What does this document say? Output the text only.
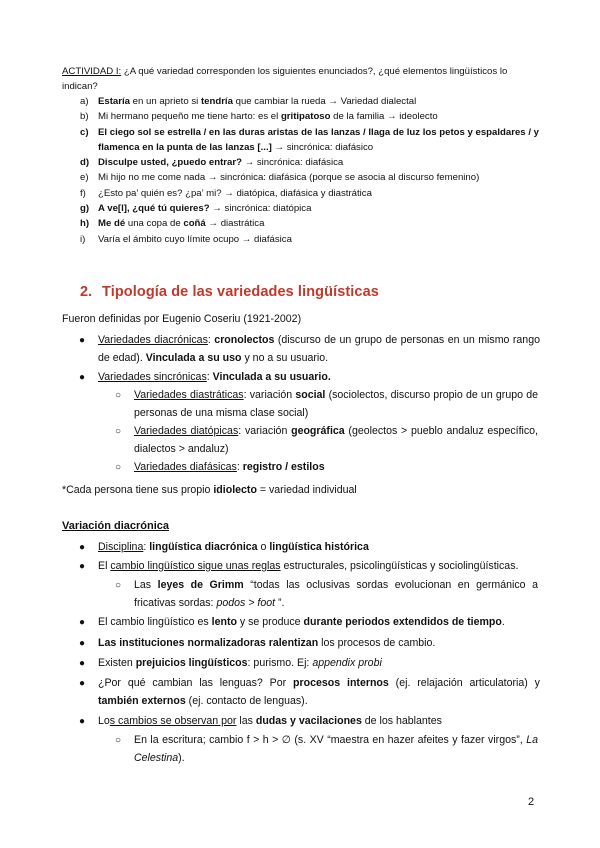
ACTIVIDAD I: ¿A qué variedad corresponden los siguientes enunciados?, ¿qué elementos lingüísticos lo indican?
a) Estaría en un aprieto si tendría que cambiar la rueda → Variedad dialectal
b) Mi hermano pequeño me tiene harto: es el gritipatoso de la familia → ideolecto
c) El ciego sol se estrella / en las duras aristas de las lanzas / llaga de luz los petos y espaldares / y flamenca en la punta de las lanzas [...] → sincrónica: diafásico
d) Disculpe usted, ¿puedo entrar? → sincrónica: diafásica
e) Mi hijo no me come nada → sincrónica: diafásica (porque se asocia al discurso femenino)
f) ¿Esto pa’ quién es? ¿pa’ mi? → diatópica, diafásica y diastrática
g) A ve[l], ¿qué tú quieres? → sincrónica: diatópica
h) Me dé una copa de coñá → diastrática
i) Varía el ámbito cuyo límite ocupo → diafásica
2. Tipología de las variedades lingüísticas
Fueron definidas por Eugenio Coseriu (1921-2002)
● Variedades diacrónicas: cronolectos (discurso de un grupo de personas en un mismo rango de edad). Vinculada a su uso y no a su usuario.
● Variedades sincrónicas: Vinculada a su usuario.
○ Variedades diastráticas: variación social (sociolectos, discurso propio de un grupo de personas de una misma clase social)
○ Variedades diatópicas: variación geográfica (geolectos > pueblo andaluz específico, dialectos > andaluz)
○ Variedades diafásicas: registro / estilos
*Cada persona tiene sus propio idiolecto = variedad individual
Variación diacrónica
● Disciplina: lingüística diacrónica o lingüística histórica
● El cambio lingüístico sigue unas reglas estructurales, psicolingüísticas y sociolingüísticas.
○ Las leyes de Grimm “todas las oclusivas sordas evolucionan en germánico a fricativas sordas: podos > foot ”.
● El cambio lingüístico es lento y se produce durante periodos extendidos de tiempo.
● Las instituciones normalizadoras ralentizan los procesos de cambio.
● Existen prejuicios lingüísticos: purismo. Ej: appendix probi
● ¿Por qué cambian las lenguas? Por procesos internos (ej. relajación articulatoria) y también externos (ej. contacto de lenguas).
● Los cambios se observan por las dudas y vacilaciones de los hablantes
○ En la escritura; cambio f > h > ∅ (s. XV “maestra en hazer afeites y fazer virgos”, La Celestina).
2
